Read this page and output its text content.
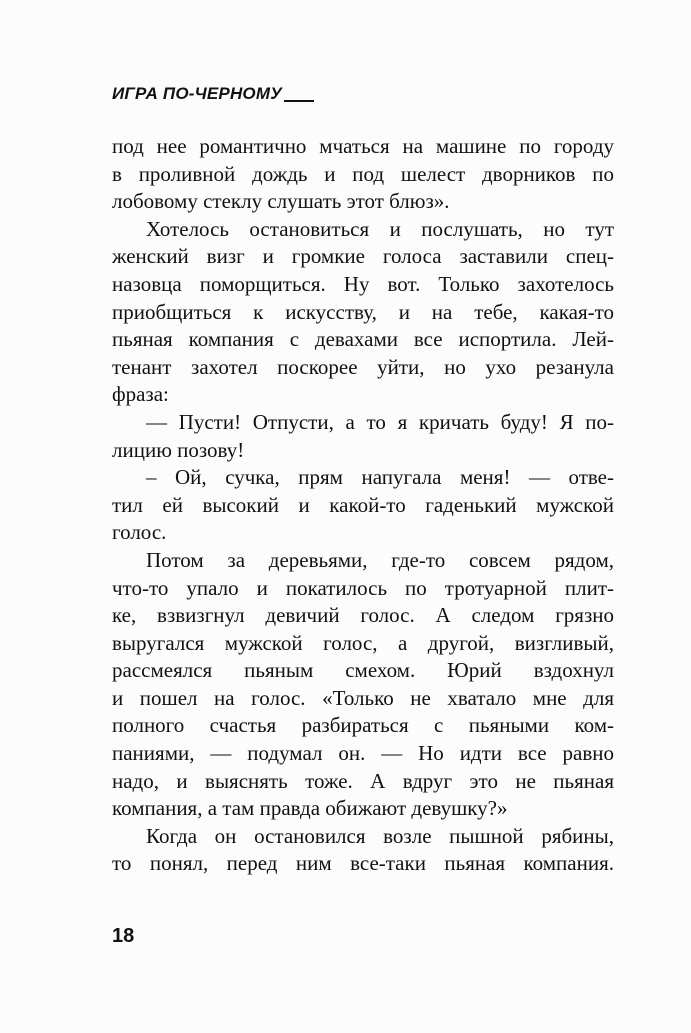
ИГРА ПО-ЧЕРНОМУ

под нее романтично мчаться на машине по городу

в проливной дождь и под шелест дворников по

лобовому стеклу слушать этот блюз».

Хотелось остановиться и послушать, но тут

женский визг и громкие голоса заставили спец-

назовца поморщиться. Ну вот. Только захотелось

приобщиться к искусству, и на тебе, какая-то

пьяная компания с девахами все испортила. Лей-

тенант захотел поскорее уйти, но ухо резанула

фраза:

— Пусти! Отпусти, а то я кричать буду! Я по-

лицию позову!

– Ой, сучка, прям напугала меня! — отве-

тил ей высокий и какой-то гаденький мужской

голос.

Потом за деревьями, где-то совсем рядом,

что-то упало и покатилось по тротуарной плит-

ке, взвизгнул девичий голос. А следом грязно

выругался мужской голос, а другой, визгливый,

рассмеялся пьяным смехом. Юрий вздохнул

и пошел на голос. «Только не хватало мне для

полного счастья разбираться с пьяными ком-

паниями, — подумал он. — Но идти все равно

надо, и выяснять тоже. А вдруг это не пьяная

компания, а там правда обижают девушку?»

Когда он остановился возле пышной рябины,

то понял, перед ним все-таки пьяная компания.

18
